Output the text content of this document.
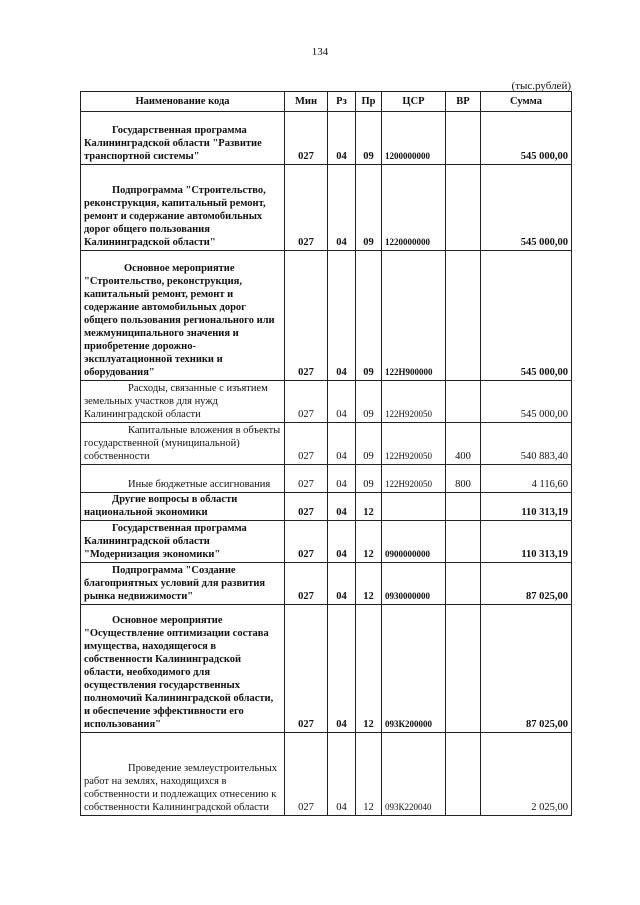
134
(тыс.рублей)
Наименование кода	Мин	Рз	Пр	ЦСР	ВР	Сумма

Государственная программа Калининградской области "Развитие транспортной системы"	027	04	09	1200000000		545 000,00

Подпрограмма "Строительство, реконструкция, капитальный ремонт, ремонт и содержание автомобильных дорог общего пользования Калининградской области"	027	04	09	1220000000		545 000,00

Основное мероприятие "Строительство, реконструкция, капитальный ремонт, ремонт и содержание автомобильных дорог общего пользования регионального или межмуниципального значения и приобретение дорожно-эксплуатационной техники и оборудования"	027	04	09	122Н900000		545 000,00

Расходы, связанные с изъятием земельных участков для нужд Калининградской области	027	04	09	122Н920050		545 000,00

Капитальные вложения в объекты государственной (муниципальной) собственности	027	04	09	122Н920050	400	540 883,40

Иные бюджетные ассигнования	027	04	09	122Н920050	800	4 116,60

Другие вопросы в области национальной экономики	027	04	12			110 313,19

Государственная программа Калининградской области "Модернизация экономики"	027	04	12	0900000000		110 313,19

Подпрограмма "Создание благоприятных условий для развития рынка недвижимости"	027	04	12	0930000000		87 025,00

Основное мероприятие "Осуществление оптимизации состава имущества, находящегося в собственности Калининградской области, необходимого для осуществления государственных полномочий Калининградской области, и обеспечение эффективности его использования"	027	04	12	093К200000		87 025,00

Проведение землеустроительных работ на землях, находящихся в собственности и подлежащих отнесению к собственности Калининградской области	027	04	12	093К220040		2 025,00
